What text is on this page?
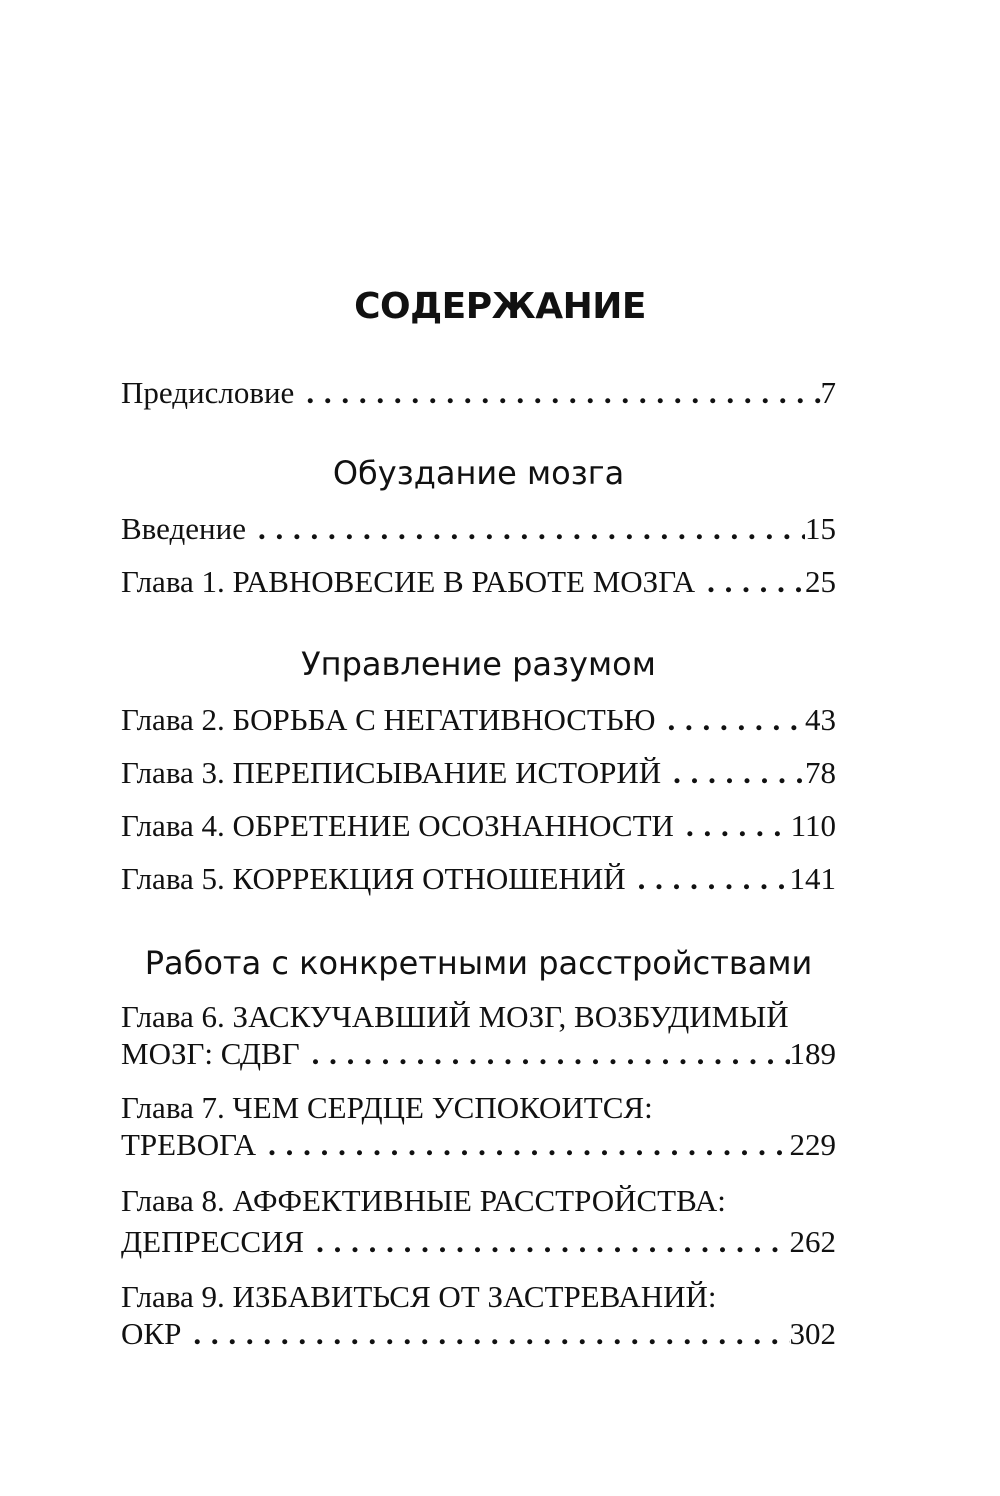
СОДЕРЖАНИЕ
Предисловие . . .	7
Обуздание мозга
Введение . . .	15
Глава 1. РАВНОВЕСИЕ В РАБОТЕ МОЗГА . . .	25
Управление разумом
Глава 2. БОРЬБА С НЕГАТИВНОСТЬЮ . . .	43
Глава 3. ПЕРЕПИСЫВАНИЕ ИСТОРИЙ . . .	78
Глава 4. ОБРЕТЕНИЕ ОСОЗНАННОСТИ . . .	110
Глава 5. КОРРЕКЦИЯ ОТНОШЕНИЙ . . .	141
Работа с конкретными расстройствами
Глава 6. ЗАСКУЧАВШИЙ МОЗГ, ВОЗБУДИМЫЙ
МОЗГ: СДВГ . . .	189
Глава 7. ЧЕМ СЕРДЦЕ УСПОКОИТСЯ:
ТРЕВОГА . . .	229
Глава 8. АФФЕКТИВНЫЕ РАССТРОЙСТВА:
ДЕПРЕССИЯ . . .	262
Глава 9. ИЗБАВИТЬСЯ ОТ ЗАСТРЕВАНИЙ:
ОКР . . .	302
